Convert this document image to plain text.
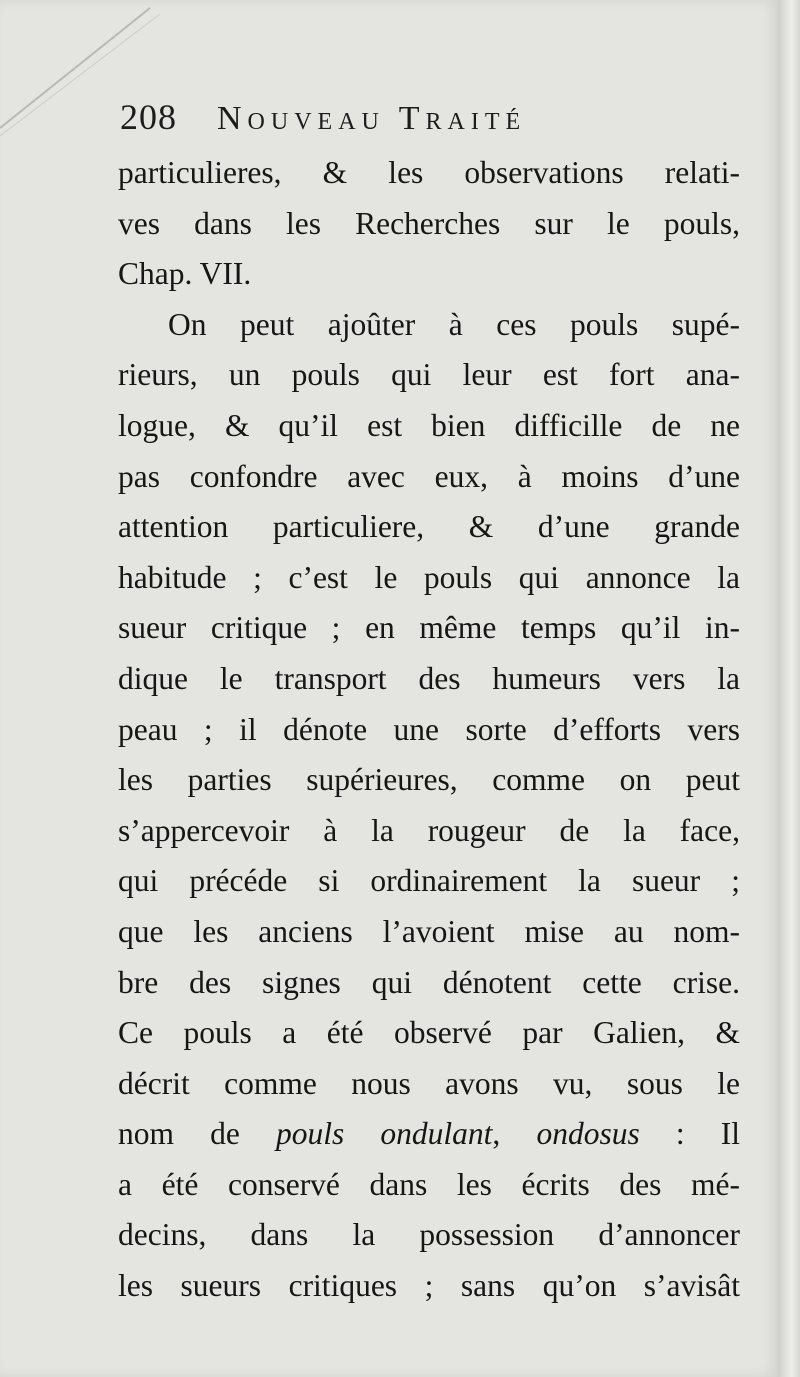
208 Nouveau Traité
particulieres, & les observations relati-
ves dans les Recherches sur le pouls,
Chap. VII.
On peut ajoûter à ces pouls supé-
rieurs, un pouls qui leur est fort ana-
logue, & qu’il est bien difficille de ne
pas confondre avec eux, à moins d’une
attention particuliere, & d’une grande
habitude ; c’est le pouls qui annonce la
sueur critique ; en même temps qu’il in-
dique le transport des humeurs vers la
peau ; il dénote une sorte d’efforts vers
les parties supérieures, comme on peut
s’appercevoir à la rougeur de la face,
qui précéde si ordinairement la sueur ;
que les anciens l’avoient mise au nom-
bre des signes qui dénotent cette crise.
Ce pouls a été observé par Galien, &
décrit comme nous avons vu, sous le
nom de pouls ondulant, ondosus : Il
a été conservé dans les écrits des mé-
decins, dans la possession d’annoncer
les sueurs critiques ; sans qu’on s’avisât
